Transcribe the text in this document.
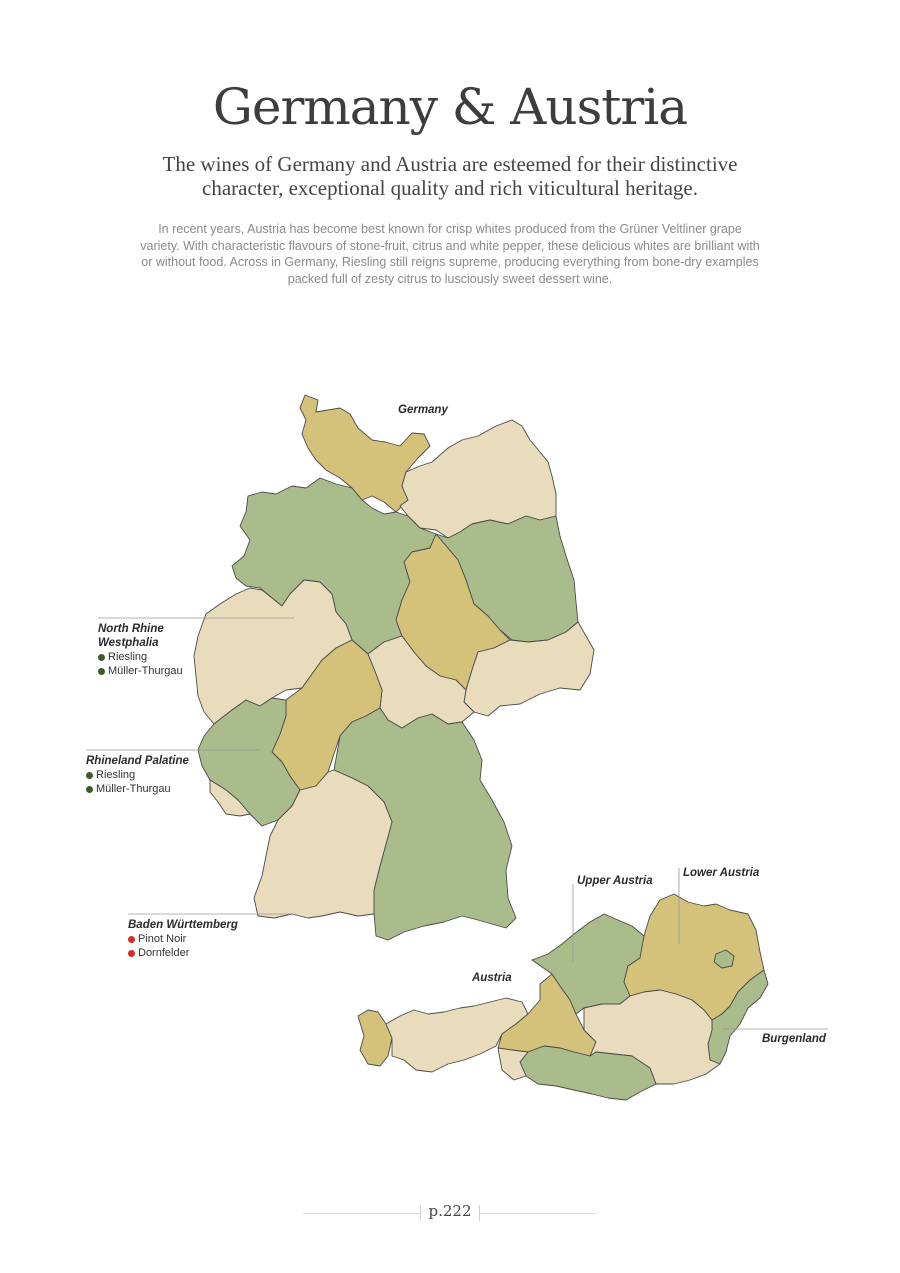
Germany & Austria

The wines of Germany and Austria are esteemed for their distinctive character, exceptional quality and rich viticultural heritage.

In recent years, Austria has become best known for crisp whites produced from the Grüner Veltliner grape variety. With characteristic flavours of stone-fruit, citrus and white pepper, these delicious whites are brilliant with or without food. Across in Germany, Riesling still reigns supreme, producing everything from bone-dry examples packed full of zesty citrus to lusciously sweet dessert wine.

Germany
Austria
North Rhine
Westphalia
Riesling
Müller-Thurgau
Rhineland Palatine
Riesling
Müller-Thurgau
Baden Württemberg
Pinot Noir
Dornfelder
Upper Austria
Lower Austria
Burgenland
p.222
